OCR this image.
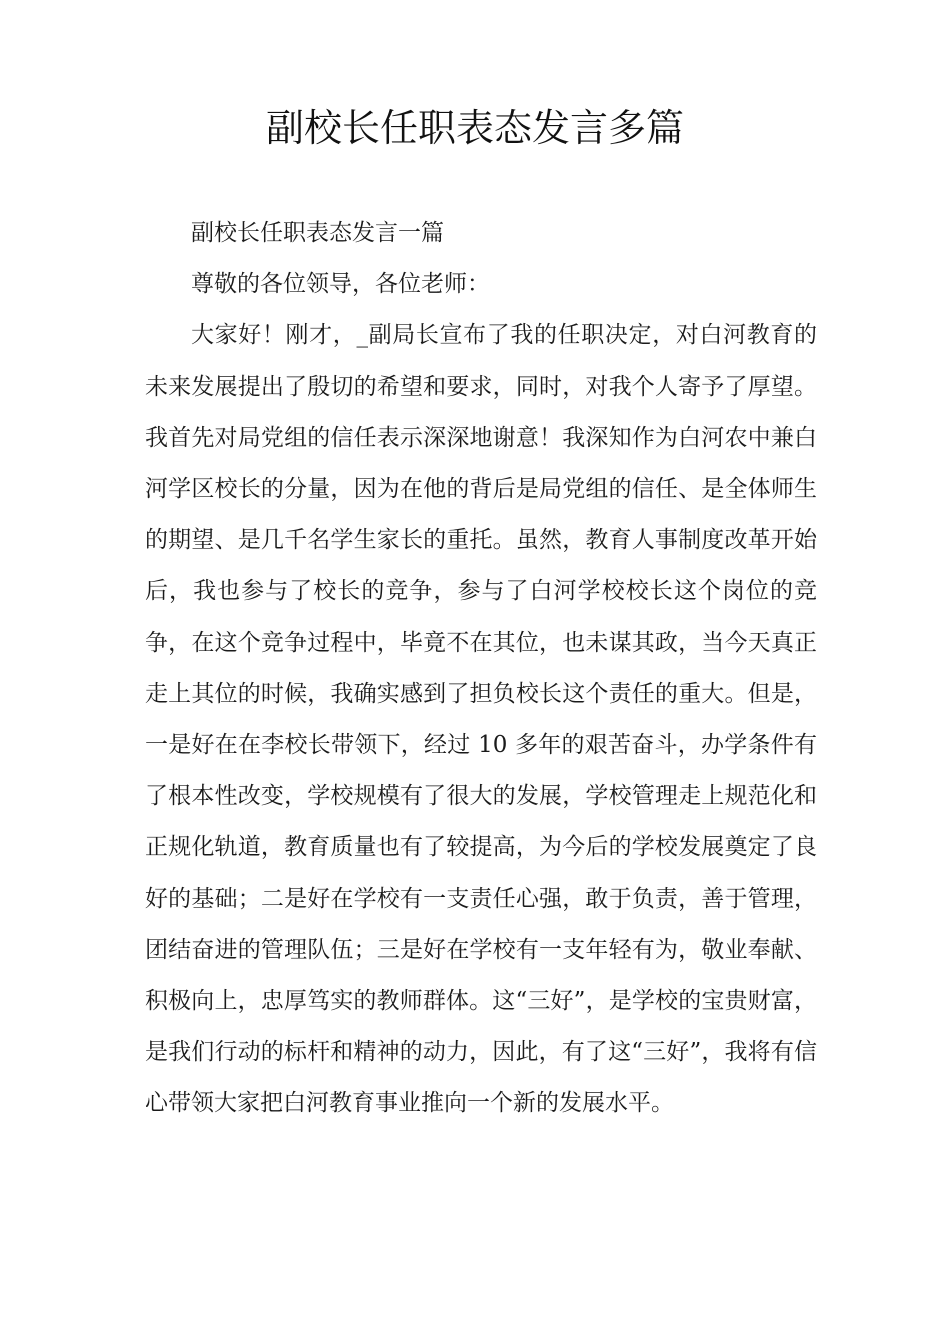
副校长任职表态发言多篇

副校长任职表态发言一篇

尊敬的各位领导，各位老师：

大家好！刚才，_副局长宣布了我的任职决定，对白河教育的未来发展提出了殷切的希望和要求，同时，对我个人寄予了厚望。我首先对局党组的信任表示深深地谢意！我深知作为白河农中兼白河学区校长的分量，因为在他的背后是局党组的信任、是全体师生的期望、是几千名学生家长的重托。虽然，教育人事制度改革开始后，我也参与了校长的竞争，参与了白河学校校长这个岗位的竞争，在这个竞争过程中，毕竟不在其位，也未谋其政，当今天真正走上其位的时候，我确实感到了担负校长这个责任的重大。但是，一是好在在李校长带领下，经过 10 多年的艰苦奋斗，办学条件有了根本性改变，学校规模有了很大的发展，学校管理走上规范化和正规化轨道，教育质量也有了较提高，为今后的学校发展奠定了良好的基础；二是好在学校有一支责任心强，敢于负责，善于管理，团结奋进的管理队伍；三是好在学校有一支年轻有为，敬业奉献、积极向上，忠厚笃实的教师群体。这“三好”，是学校的宝贵财富，是我们行动的标杆和精神的动力，因此，有了这“三好”，我将有信心带领大家把白河教育事业推向一个新的发展水平。
